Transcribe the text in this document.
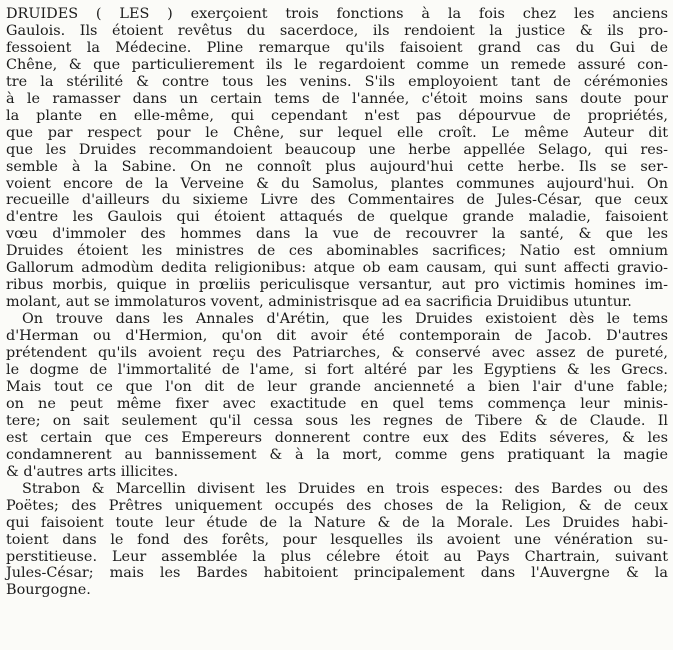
DRUIDES ( LES ) exerçoient trois fonctions à la fois chez les anciens
Gaulois. Ils étoient revêtus du sacerdoce, ils rendoient la justice & ils pro-
fessoient la Médecine. Pline remarque qu'ils faisoient grand cas du Gui de
Chêne, & que particulierement ils le regardoient comme un remede assuré con-
tre la stérilité & contre tous les venins. S'ils employoient tant de cérémonies
à le ramasser dans un certain tems de l'année, c'étoit moins sans doute pour
la plante en elle-même, qui cependant n'est pas dépourvue de propriétés,
que par respect pour le Chêne, sur lequel elle croît. Le même Auteur dit
que les Druides recommandoient beaucoup une herbe appellée Selago, qui res-
semble à la Sabine. On ne connoît plus aujourd'hui cette herbe. Ils se ser-
voient encore de la Verveine & du Samolus, plantes communes aujourd'hui. On
recueille d'ailleurs du sixieme Livre des Commentaires de Jules-César, que ceux
d'entre les Gaulois qui étoient attaqués de quelque grande maladie, faisoient
vœu d'immoler des hommes dans la vue de recouvrer la santé, & que les
Druides étoient les ministres de ces abominables sacrifices; Natio est omnium
Gallorum admodùm dedita religionibus: atque ob eam causam, qui sunt affecti gravio-
ribus morbis, quique in prœliis periculisque versantur, aut pro victimis homines im-
molant, aut se immolaturos vovent, administrisque ad ea sacrificia Druidibus utuntur.
On trouve dans les Annales d'Arétin, que les Druides existoient dès le tems
d'Herman ou d'Hermion, qu'on dit avoir été contemporain de Jacob. D'autres
prétendent qu'ils avoient reçu des Patriarches, & conservé avec assez de pureté,
le dogme de l'immortalité de l'ame, si fort altéré par les Egyptiens & les Grecs.
Mais tout ce que l'on dit de leur grande ancienneté a bien l'air d'une fable;
on ne peut même fixer avec exactitude en quel tems commença leur minis-
tere; on sait seulement qu'il cessa sous les regnes de Tibere & de Claude. Il
est certain que ces Empereurs donnerent contre eux des Edits séveres, & les
condamnerent au bannissement & à la mort, comme gens pratiquant la magie
& d'autres arts illicites.
Strabon & Marcellin divisent les Druides en trois especes: des Bardes ou des
Poëtes; des Prêtres uniquement occupés des choses de la Religion, & de ceux
qui faisoient toute leur étude de la Nature & de la Morale. Les Druides habi-
toient dans le fond des forêts, pour lesquelles ils avoient une vénération su-
perstitieuse. Leur assemblée la plus célebre étoit au Pays Chartrain, suivant
Jules-César; mais les Bardes habitoient principalement dans l'Auvergne & la
Bourgogne.
